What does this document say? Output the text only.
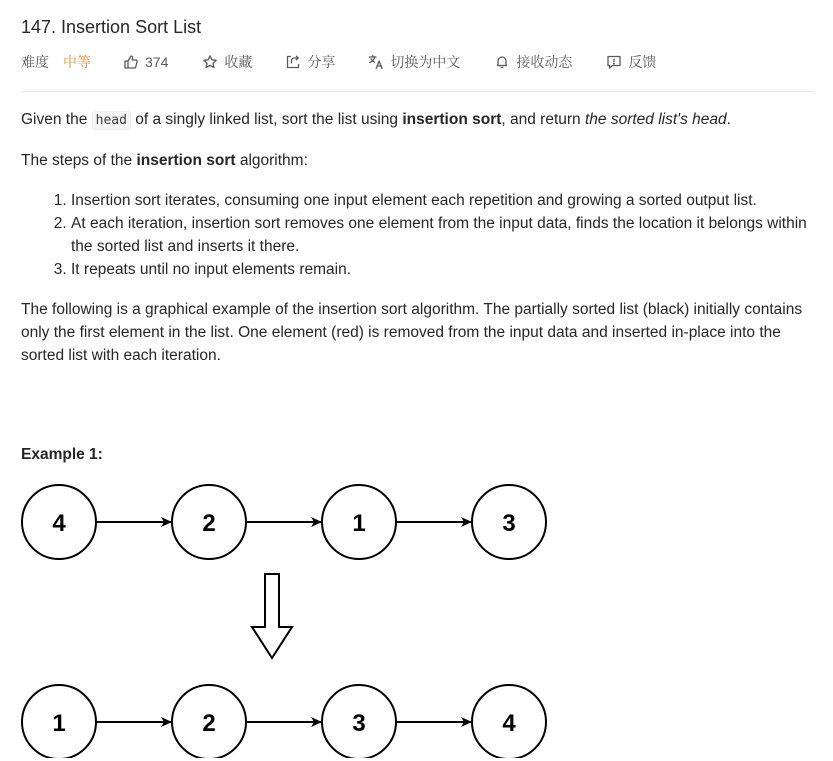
147. Insertion Sort List
难度 中等	374	收藏	分享	切换为中文	接收动态	反馈

Given the head of a singly linked list, sort the list using insertion sort, and return the sorted list's head.

The steps of the insertion sort algorithm:

1. Insertion sort iterates, consuming one input element each repetition and growing a sorted output list.
2. At each iteration, insertion sort removes one element from the input data, finds the location it belongs within the sorted list and inserts it there.
3. It repeats until no input elements remain.

The following is a graphical example of the insertion sort algorithm. The partially sorted list (black) initially contains only the first element in the list. One element (red) is removed from the input data and inserted in-place into the sorted list with each iteration.

Example 1:

4	2	1	3
1	2	3	4
